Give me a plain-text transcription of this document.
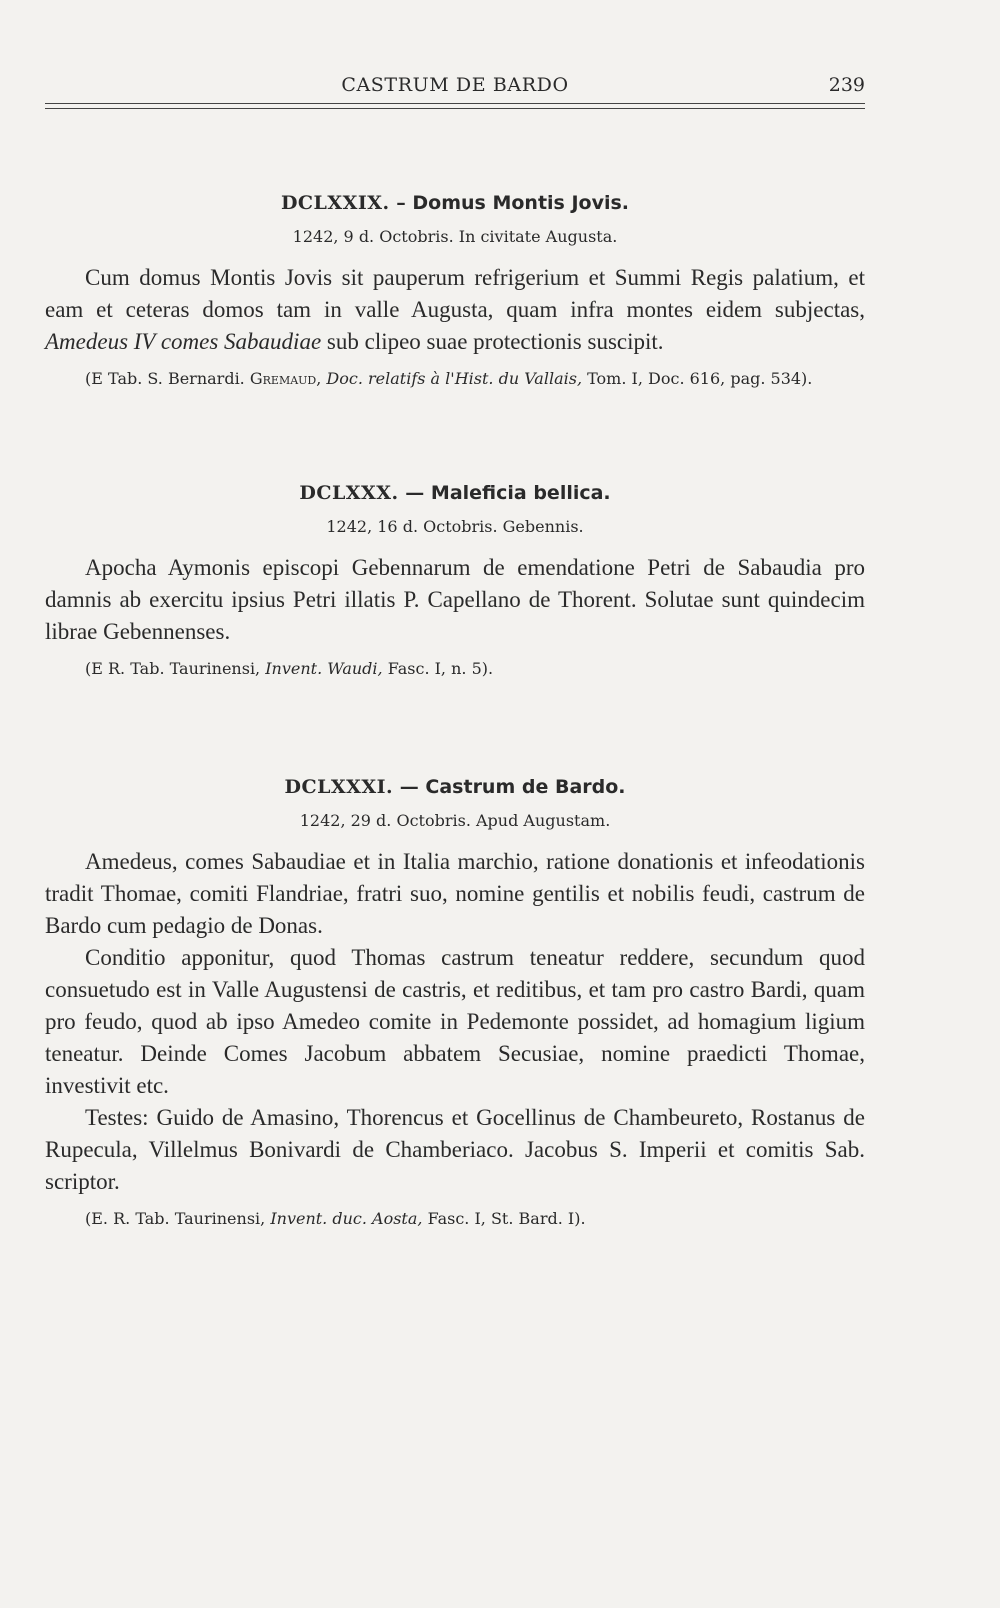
CASTRUM DE BARDO	239
DCLXXIX. – Domus Montis Jovis.
1242, 9 d. Octobris. In civitate Augusta.

Cum domus Montis Jovis sit pauperum refrigerium et Summi Regis palatium, et eam et ceteras domos tam in valle Augusta, quam infra montes eidem subjectas, Amedeus IV comes Sabaudiae sub clipeo suae protectionis suscipit.

(E Tab. S. Bernardi. Gremaud, Doc. relatifs à l'Hist. du Vallais, Tom. I, Doc. 616, pag. 534).

DCLXXX. — Maleficia bellica.
1242, 16 d. Octobris. Gebennis.

Apocha Aymonis episcopi Gebennarum de emendatione Petri de Sabaudia pro damnis ab exercitu ipsius Petri illatis P. Capellano de Thorent. Solutae sunt quindecim librae Gebennenses.

(E R. Tab. Taurinensi, Invent. Waudi, Fasc. I, n. 5).

DCLXXXI. — Castrum de Bardo.
1242, 29 d. Octobris. Apud Augustam.

Amedeus, comes Sabaudiae et in Italia marchio, ratione donationis et infeodationis tradit Thomae, comiti Flandriae, fratri suo, nomine gentilis et nobilis feudi, castrum de Bardo cum pedagio de Donas.

Conditio apponitur, quod Thomas castrum teneatur reddere, secundum quod consuetudo est in Valle Augustensi de castris, et reditibus, et tam pro castro Bardi, quam pro feudo, quod ab ipso Amedeo comite in Pedemonte possidet, ad homagium ligium teneatur. Deinde Comes Jacobum abbatem Secusiae, nomine praedicti Thomae, investivit etc.

Testes: Guido de Amasino, Thorencus et Gocellinus de Chambeureto, Rostanus de Rupecula, Villelmus Bonivardi de Chamberiaco. Jacobus S. Imperii et comitis Sab. scriptor.

(E. R. Tab. Taurinensi, Invent. duc. Aosta, Fasc. I, St. Bard. I).
